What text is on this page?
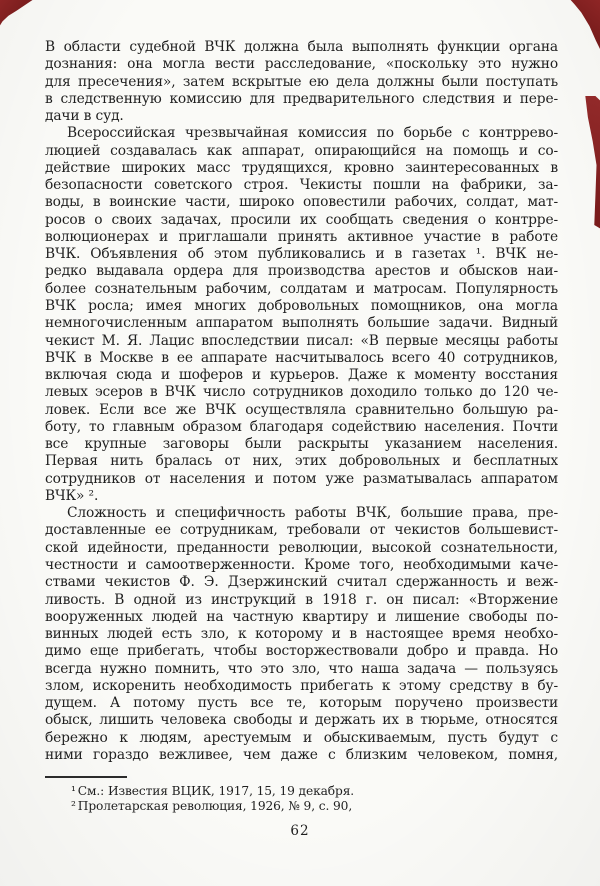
В области судебной ВЧК должна была выполнять функции органа
дознания: она могла вести расследование, «поскольку это нужно
для пресечения», затем вскрытые ею дела должны были поступать
в следственную комиссию для предварительного следствия и пере-
дачи в суд.
Всероссийская чрезвычайная комиссия по борьбе с контррево-
люцией создавалась как аппарат, опирающийся на помощь и со-
действие широких масс трудящихся, кровно заинтересованных в
безопасности советского строя. Чекисты пошли на фабрики, за-
воды, в воинские части, широко оповестили рабочих, солдат, мат-
росов о своих задачах, просили их сообщать сведения о контрре-
волюционерах и приглашали принять активное участие в работе
ВЧК. Объявления об этом публиковались и в газетах ¹. ВЧК не-
редко выдавала ордера для производства арестов и обысков наи-
более сознательным рабочим, солдатам и матросам. Популярность
ВЧК росла; имея многих добровольных помощников, она могла
немногочисленным аппаратом выполнять большие задачи. Видный
чекист М. Я. Лацис впоследствии писал: «В первые месяцы работы
ВЧК в Москве в ее аппарате насчитывалось всего 40 сотрудников,
включая сюда и шоферов и курьеров. Даже к моменту восстания
левых эсеров в ВЧК число сотрудников доходило только до 120 че-
ловек. Если все же ВЧК осуществляла сравнительно большую ра-
боту, то главным образом благодаря содействию населения. Почти
все крупные заговоры были раскрыты указанием населения.
Первая нить бралась от них, этих добровольных и бесплатных
сотрудников от населения и потом уже разматывалась аппаратом
ВЧК» ².
Сложность и специфичность работы ВЧК, большие права, пре-
доставленные ее сотрудникам, требовали от чекистов большевист-
ской идейности, преданности революции, высокой сознательности,
честности и самоотверженности. Кроме того, необходимыми каче-
ствами чекистов Ф. Э. Дзержинский считал сдержанность и веж-
ливость. В одной из инструкций в 1918 г. он писал: «Вторжение
вооруженных людей на частную квартиру и лишение свободы по-
винных людей есть зло, к которому и в настоящее время необхо-
димо еще прибегать, чтобы восторжествовали добро и правда. Но
всегда нужно помнить, что это зло, что наша задача — пользуясь
злом, искоренить необходимость прибегать к этому средству в бу-
дущем. А потому пусть все те, которым поручено произвести
обыск, лишить человека свободы и держать их в тюрьме, относятся
бережно к людям, арестуемым и обыскиваемым, пусть будут с
ними гораздо вежливее, чем даже с близким человеком, помня,
¹ См.: Известия ВЦИК, 1917, 15, 19 декабря.
² Пролетарская революция, 1926, № 9, с. 90,
62
